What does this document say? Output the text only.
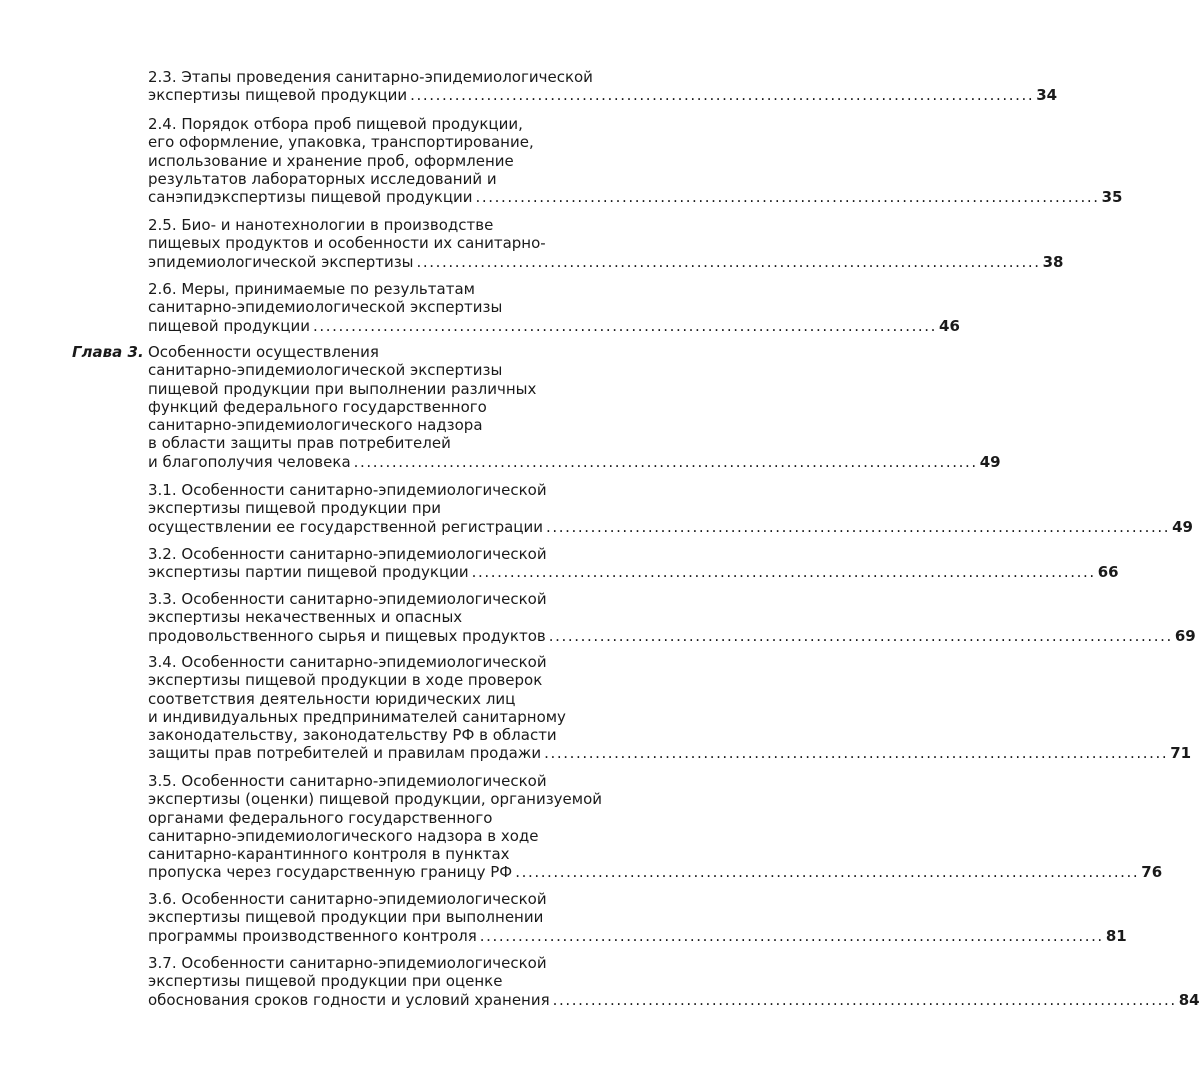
2.3. Этапы проведения санитарно-эпидемиологической
экспертизы пищевой продукции .................................................................................................. 34
2.4. Порядок отбора проб пищевой продукции,
его оформление, упаковка, транспортирование,
использование и хранение проб, оформление
результатов лабораторных исследований и
санэпидэкспертизы пищевой продукции .................................................................................................. 35
2.5. Био- и нанотехнологии в производстве
пищевых продуктов и особенности их санитарно-
эпидемиологической экспертизы .................................................................................................. 38
2.6. Меры, принимаемые по результатам
санитарно-эпидемиологической экспертизы
пищевой продукции .................................................................................................. 46
Глава 3. Особенности осуществления
санитарно-эпидемиологической экспертизы
пищевой продукции при выполнении различных
функций федерального государственного
санитарно-эпидемиологического надзора
в области защиты прав потребителей
и благополучия человека .................................................................................................. 49
3.1. Особенности санитарно-эпидемиологической
экспертизы пищевой продукции при
осуществлении ее государственной регистрации .................................................................................................. 49
3.2. Особенности санитарно-эпидемиологической
экспертизы партии пищевой продукции .................................................................................................. 66
3.3. Особенности санитарно-эпидемиологической
экспертизы некачественных и опасных
продовольственного сырья и пищевых продуктов .................................................................................................. 69
3.4. Особенности санитарно-эпидемиологической
экспертизы пищевой продукции в ходе проверок
соответствия деятельности юридических лиц
и индивидуальных предпринимателей санитарному
законодательству, законодательству РФ в области
защиты прав потребителей и правилам продажи .................................................................................................. 71
3.5. Особенности санитарно-эпидемиологической
экспертизы (оценки) пищевой продукции, организуемой
органами федерального государственного
санитарно-эпидемиологического надзора в ходе
санитарно-карантинного контроля в пунктах
пропуска через государственную границу РФ .................................................................................................. 76
3.6. Особенности санитарно-эпидемиологической
экспертизы пищевой продукции при выполнении
программы производственного контроля .................................................................................................. 81
3.7. Особенности санитарно-эпидемиологической
экспертизы пищевой продукции при оценке
обоснования сроков годности и условий хранения .................................................................................................. 84
